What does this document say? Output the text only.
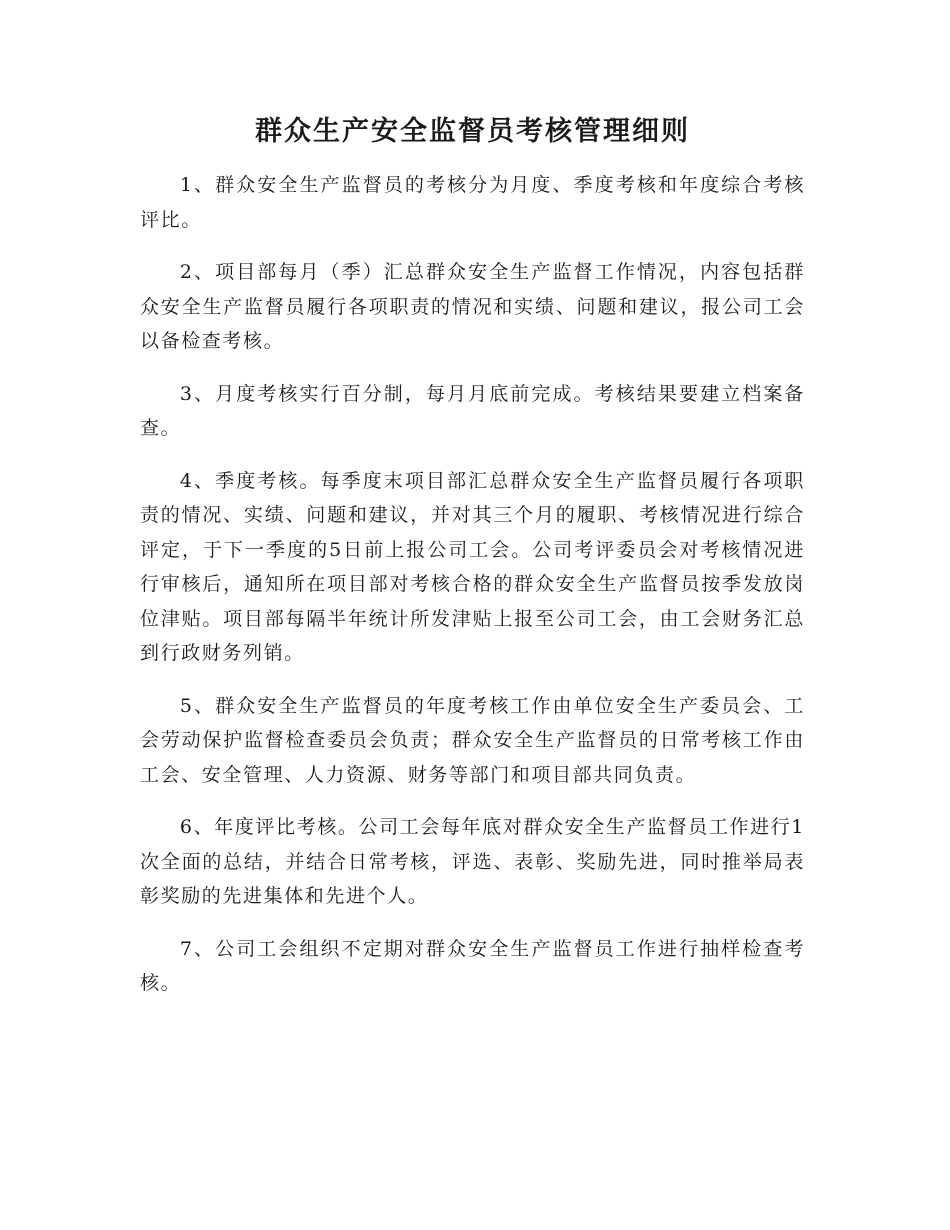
群众生产安全监督员考核管理细则

1、群众安全生产监督员的考核分为月度、季度考核和年度综合考核评比。

2、项目部每月（季）汇总群众安全生产监督工作情况，内容包括群众安全生产监督员履行各项职责的情况和实绩、问题和建议，报公司工会以备检查考核。

3、月度考核实行百分制，每月月底前完成。考核结果要建立档案备查。

4、季度考核。每季度末项目部汇总群众安全生产监督员履行各项职责的情况、实绩、问题和建议，并对其三个月的履职、考核情况进行综合评定，于下一季度的5日前上报公司工会。公司考评委员会对考核情况进行审核后，通知所在项目部对考核合格的群众安全生产监督员按季发放岗位津贴。项目部每隔半年统计所发津贴上报至公司工会，由工会财务汇总到行政财务列销。

5、群众安全生产监督员的年度考核工作由单位安全生产委员会、工会劳动保护监督检查委员会负责；群众安全生产监督员的日常考核工作由工会、安全管理、人力资源、财务等部门和项目部共同负责。

6、年度评比考核。公司工会每年底对群众安全生产监督员工作进行1次全面的总结，并结合日常考核，评选、表彰、奖励先进，同时推举局表彰奖励的先进集体和先进个人。

7、公司工会组织不定期对群众安全生产监督员工作进行抽样检查考核。
